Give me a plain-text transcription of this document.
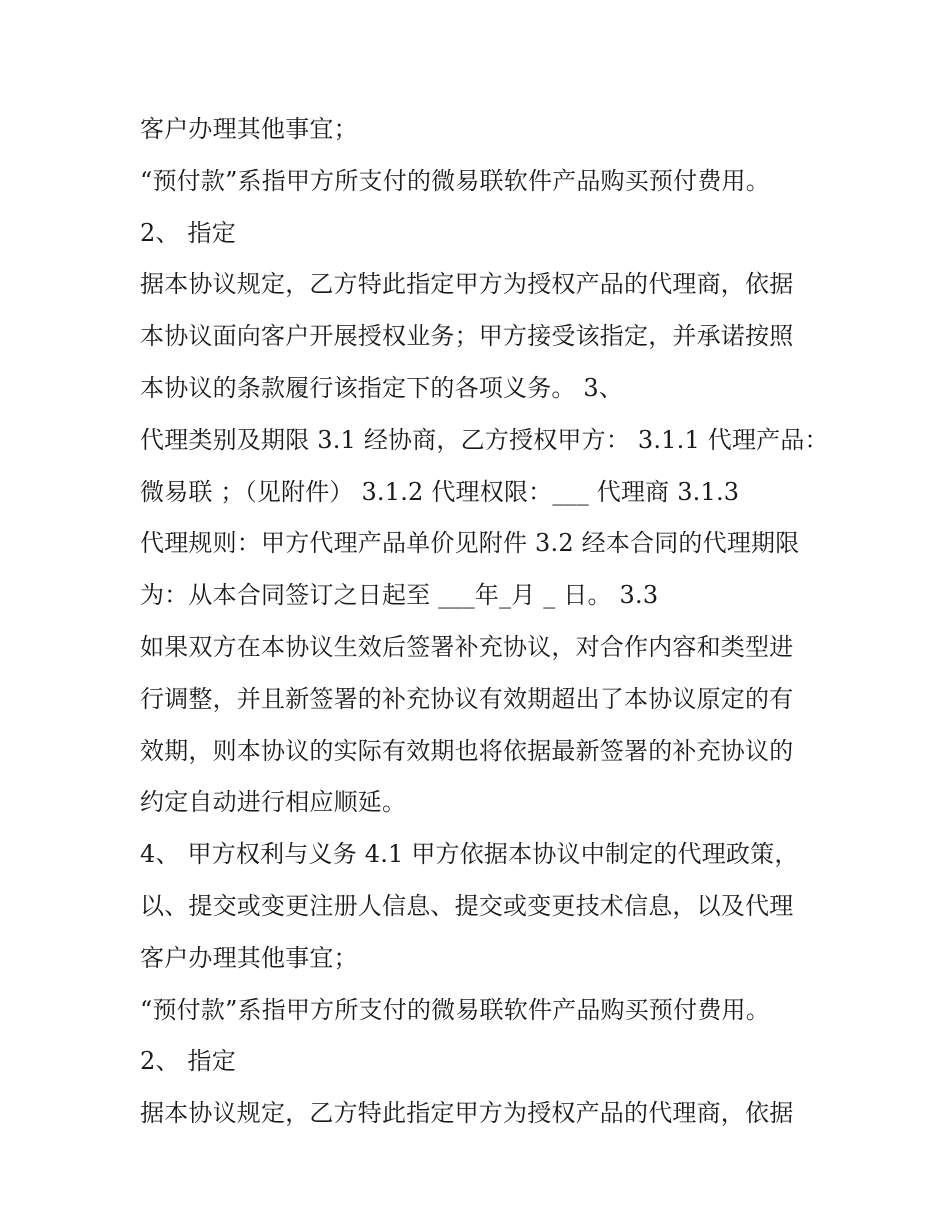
客户办理其他事宜；
“预付款”系指甲方所支付的微易联软件产品购买预付费用。
2、 指定
据本协议规定，乙方特此指定甲方为授权产品的代理商，依据
本协议面向客户开展授权业务；甲方接受该指定，并承诺按照
本协议的条款履行该指定下的各项义务。 3、
代理类别及期限 3.1 经协商，乙方授权甲方： 3.1.1 代理产品：
微易联 ；（见附件） 3.1.2 代理权限：___ 代理商 3.1.3
代理规则：甲方代理产品单价见附件 3.2 经本合同的代理期限
为：从本合同签订之日起至 ___年_月 _ 日。 3.3
如果双方在本协议生效后签署补充协议，对合作内容和类型进
行调整，并且新签署的补充协议有效期超出了本协议原定的有
效期，则本协议的实际有效期也将依据最新签署的补充协议的
约定自动进行相应顺延。
4、 甲方权利与义务 4.1 甲方依据本协议中制定的代理政策，
以、提交或变更注册人信息、提交或变更技术信息，以及代理
客户办理其他事宜；
“预付款”系指甲方所支付的微易联软件产品购买预付费用。
2、 指定
据本协议规定，乙方特此指定甲方为授权产品的代理商，依据
